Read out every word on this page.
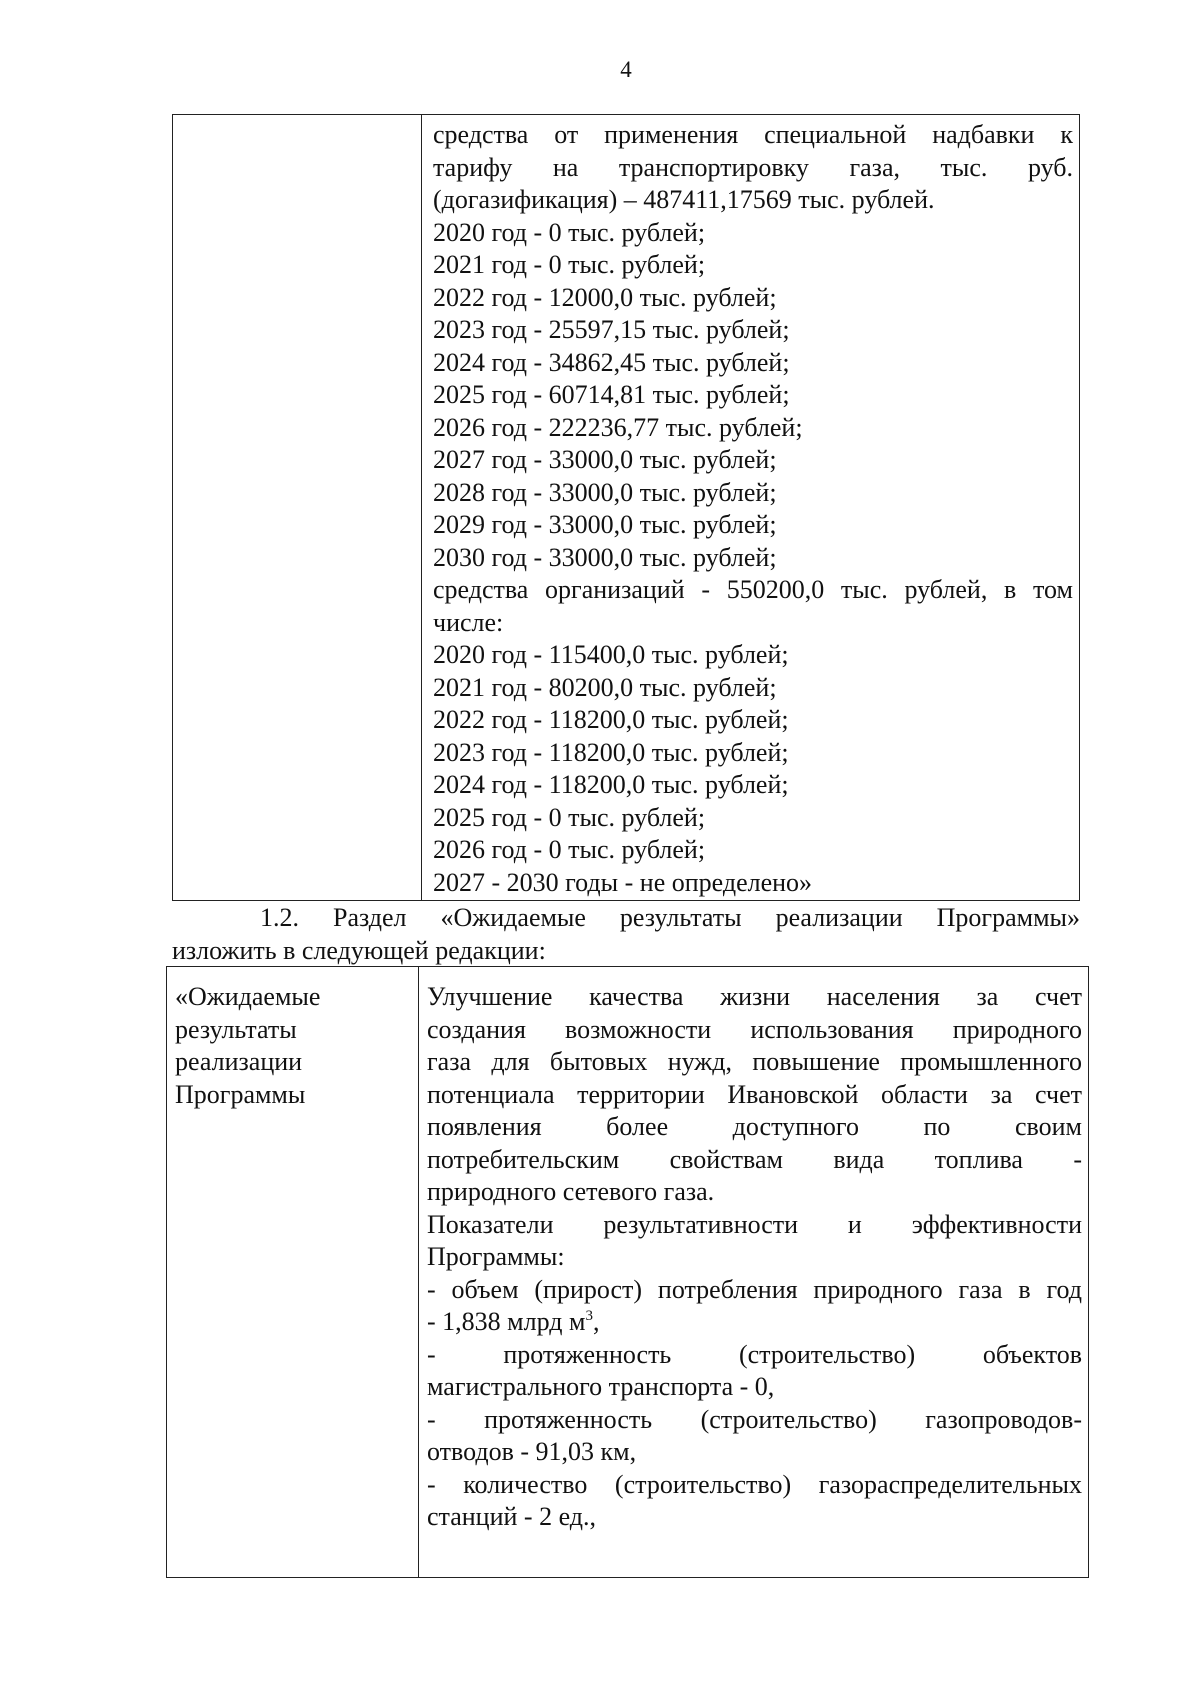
4
средства от применения специальной надбавки к
тарифу на транспортировку газа, тыс. руб.
(догазификация) – 487411,17569 тыс. рублей.
2020 год - 0 тыс. рублей;
2021 год - 0 тыс. рублей;
2022 год - 12000,0 тыс. рублей;
2023 год - 25597,15 тыс. рублей;
2024 год - 34862,45 тыс. рублей;
2025 год - 60714,81 тыс. рублей;
2026 год - 222236,77 тыс. рублей;
2027 год - 33000,0 тыс. рублей;
2028 год - 33000,0 тыс. рублей;
2029 год - 33000,0 тыс. рублей;
2030 год - 33000,0 тыс. рублей;
средства организаций - 550200,0 тыс. рублей, в том
числе:
2020 год - 115400,0 тыс. рублей;
2021 год - 80200,0 тыс. рублей;
2022 год - 118200,0 тыс. рублей;
2023 год - 118200,0 тыс. рублей;
2024 год - 118200,0 тыс. рублей;
2025 год - 0 тыс. рублей;
2026 год - 0 тыс. рублей;
2027 - 2030 годы - не определено»
1.2. Раздел «Ожидаемые результаты реализации Программы»
изложить в следующей редакции:
«Ожидаемые
результаты
реализации
Программы
Улучшение качества жизни населения за счет
создания возможности использования природного
газа для бытовых нужд, повышение промышленного
потенциала территории Ивановской области за счет
появления более доступного по своим
потребительским свойствам вида топлива -
природного сетевого газа.
Показатели результативности и эффективности
Программы:
- объем (прирост) потребления природного газа в год
- 1,838 млрд $м^3$,
- протяженность (строительство) объектов
магистрального транспорта - 0,
- протяженность (строительство) газопроводов-
отводов - 91,03 км,
- количество (строительство) газораспределительных
станций - 2 ед.,
